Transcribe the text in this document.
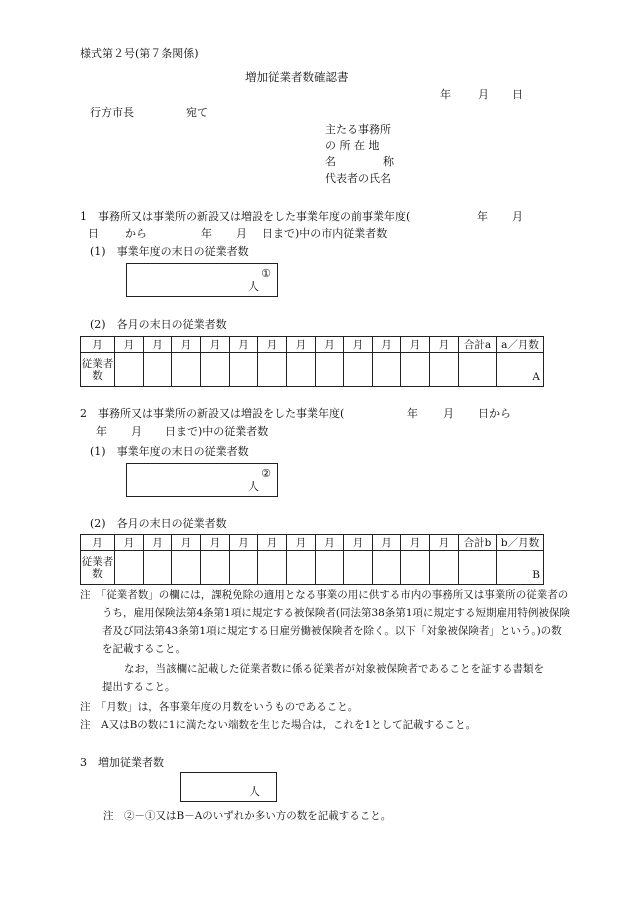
様式第２号(第７条関係)
増加従業者数確認書
年 月 日
行方市長	宛て
主たる事務所
の 所 在 地
名	称
代表者の氏名
1　事務所又は事業所の新設又は増設をした事業年度の前事業年度(	年 月
日 から	年 月 日まで)中の市内従業者数
(1)　事業年度の末日の従業者数
①
人
(2)　各月の末日の従業者数
月	月	月	月	月	月	月	月	月	月	月	月	月	合計a	a／月数
従業者数														A
2　事務所又は事業所の新設又は増設をした事業年度(	年 月 日から
年 月 日まで)中の従業者数
(1)　事業年度の末日の従業者数
②
人
(2)　各月の末日の従業者数
月	月	月	月	月	月	月	月	月	月	月	月	月	合計b	b／月数
従業者数														B
注　「従業者数」の欄には，課税免除の適用となる事業の用に供する市内の事務所又は事業所の従業者のうち，雇用保険法第4条第1項に規定する被保険者(同法第38条第1項に規定する短期雇用特例被保険者及び同法第43条第1項に規定する日雇労働被保険者を除く。以下「対象被保険者」という。)の数を記載すること。
なお，当該欄に記載した従業者数に係る従業者が対象被保険者であることを証する書類を提出すること。
注　「月数」は，各事業年度の月数をいうものであること。
注　A又はBの数に1に満たない端数を生じた場合は，これを1として記載すること。
3　増加従業者数
人
注　②－①又はB－Aのいずれか多い方の数を記載すること。
